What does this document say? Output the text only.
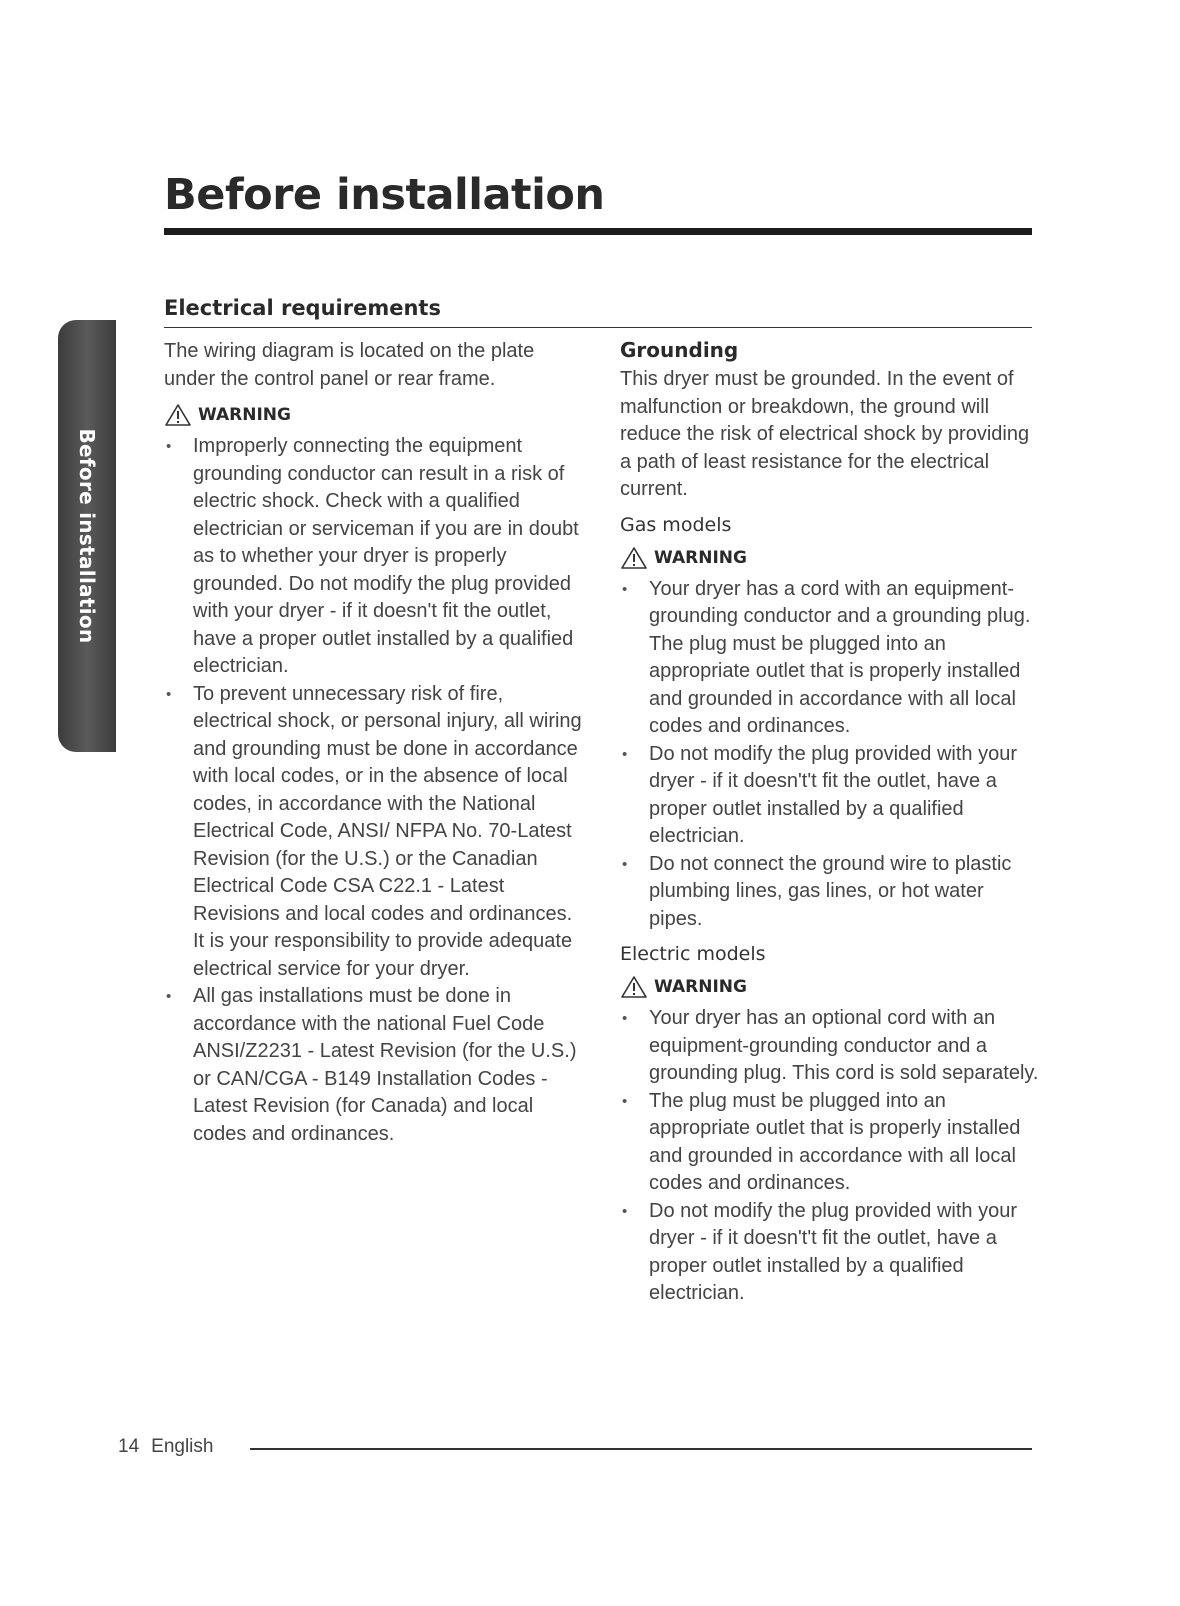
Before installation
Before installation
Electrical requirements

The wiring diagram is located on the plate under the control panel or rear frame.

WARNING
• Improperly connecting the equipment grounding conductor can result in a risk of electric shock. Check with a qualified electrician or serviceman if you are in doubt as to whether your dryer is properly grounded. Do not modify the plug provided with your dryer - if it doesn't fit the outlet, have a proper outlet installed by a qualified electrician.
• To prevent unnecessary risk of fire, electrical shock, or personal injury, all wiring and grounding must be done in accordance with local codes, or in the absence of local codes, in accordance with the National Electrical Code, ANSI/ NFPA No. 70-Latest Revision (for the U.S.) or the Canadian Electrical Code CSA C22.1 - Latest Revisions and local codes and ordinances. It is your responsibility to provide adequate electrical service for your dryer.
• All gas installations must be done in accordance with the national Fuel Code ANSI/Z2231 - Latest Revision (for the U.S.) or CAN/CGA - B149 Installation Codes - Latest Revision (for Canada) and local codes and ordinances.
Grounding

This dryer must be grounded. In the event of malfunction or breakdown, the ground will reduce the risk of electrical shock by providing a path of least resistance for the electrical current.

Gas models
WARNING
• Your dryer has a cord with an equipment-grounding conductor and a grounding plug. The plug must be plugged into an appropriate outlet that is properly installed and grounded in accordance with all local codes and ordinances.
• Do not modify the plug provided with your dryer - if it doesn't't fit the outlet, have a proper outlet installed by a qualified electrician.
• Do not connect the ground wire to plastic plumbing lines, gas lines, or hot water pipes.
Electric models
WARNING
• Your dryer has an optional cord with an equipment-grounding conductor and a grounding plug. This cord is sold separately.
• The plug must be plugged into an appropriate outlet that is properly installed and grounded in accordance with all local codes and ordinances.
• Do not modify the plug provided with your dryer - if it doesn't't fit the outlet, have a proper outlet installed by a qualified electrician.
14 English
